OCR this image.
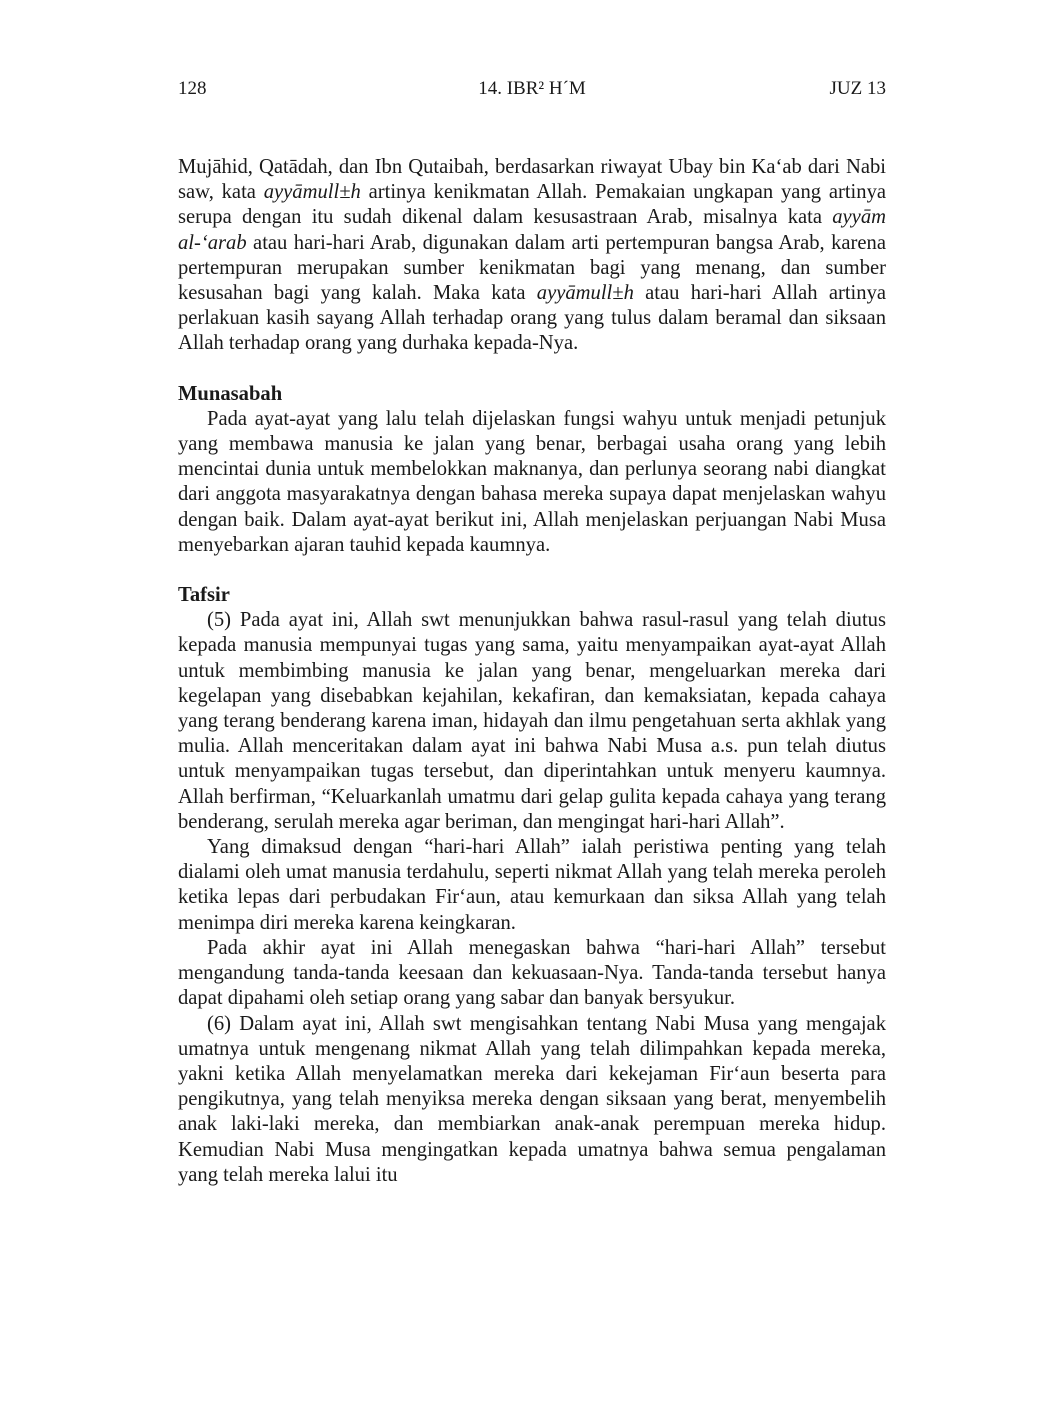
128	14. IBR² H´M	JUZ 13

Mujāhid, Qatādah, dan Ibn Qutaibah, berdasarkan riwayat Ubay bin Ka‘ab dari Nabi saw, kata ayyāmull±h artinya kenikmatan Allah. Pemakaian ungkapan yang artinya serupa dengan itu sudah dikenal dalam kesusastraan Arab, misalnya kata ayyām al-‘arab atau hari-hari Arab, digunakan dalam arti pertempuran bangsa Arab, karena pertempuran merupakan sumber kenikmatan bagi yang menang, dan sumber kesusahan bagi yang kalah. Maka kata ayyāmull±h atau hari-hari Allah artinya perlakuan kasih sayang Allah terhadap orang yang tulus dalam beramal dan siksaan Allah terhadap orang yang durhaka kepada-Nya.

Munasabah

Pada ayat-ayat yang lalu telah dijelaskan fungsi wahyu untuk menjadi petunjuk yang membawa manusia ke jalan yang benar, berbagai usaha orang yang lebih mencintai dunia untuk membelokkan maknanya, dan perlunya seorang nabi diangkat dari anggota masyarakatnya dengan bahasa mereka supaya dapat menjelaskan wahyu dengan baik. Dalam ayat-ayat berikut ini, Allah menjelaskan perjuangan Nabi Musa menyebarkan ajaran tauhid kepada kaumnya.

Tafsir

(5) Pada ayat ini, Allah swt menunjukkan bahwa rasul-rasul yang telah diutus kepada manusia mempunyai tugas yang sama, yaitu menyampaikan ayat-ayat Allah untuk membimbing manusia ke jalan yang benar, mengeluarkan mereka dari kegelapan yang disebabkan kejahilan, kekafiran, dan kemaksiatan, kepada cahaya yang terang benderang karena iman, hidayah dan ilmu pengetahuan serta akhlak yang mulia. Allah menceritakan dalam ayat ini bahwa Nabi Musa a.s. pun telah diutus untuk menyampaikan tugas tersebut, dan diperintahkan untuk menyeru kaumnya. Allah berfirman, “Keluarkanlah umatmu dari gelap gulita kepada cahaya yang terang benderang, serulah mereka agar beriman, dan mengingat hari-hari Allah”.

Yang dimaksud dengan “hari-hari Allah” ialah peristiwa penting yang telah dialami oleh umat manusia terdahulu, seperti nikmat Allah yang telah mereka peroleh ketika lepas dari perbudakan Fir‘aun, atau kemurkaan dan siksa Allah yang telah menimpa diri mereka karena keingkaran.

Pada akhir ayat ini Allah menegaskan bahwa “hari-hari Allah” tersebut mengandung tanda-tanda keesaan dan kekuasaan-Nya. Tanda-tanda tersebut hanya dapat dipahami oleh setiap orang yang sabar dan banyak bersyukur.

(6) Dalam ayat ini, Allah swt mengisahkan tentang Nabi Musa yang mengajak umatnya untuk mengenang nikmat Allah yang telah dilimpahkan kepada mereka, yakni ketika Allah menyelamatkan mereka dari kekejaman Fir‘aun beserta para pengikutnya, yang telah menyiksa mereka dengan siksaan yang berat, menyembelih anak laki-laki mereka, dan membiarkan anak-anak perempuan mereka hidup. Kemudian Nabi Musa mengingatkan kepada umatnya bahwa semua pengalaman yang telah mereka lalui itu
